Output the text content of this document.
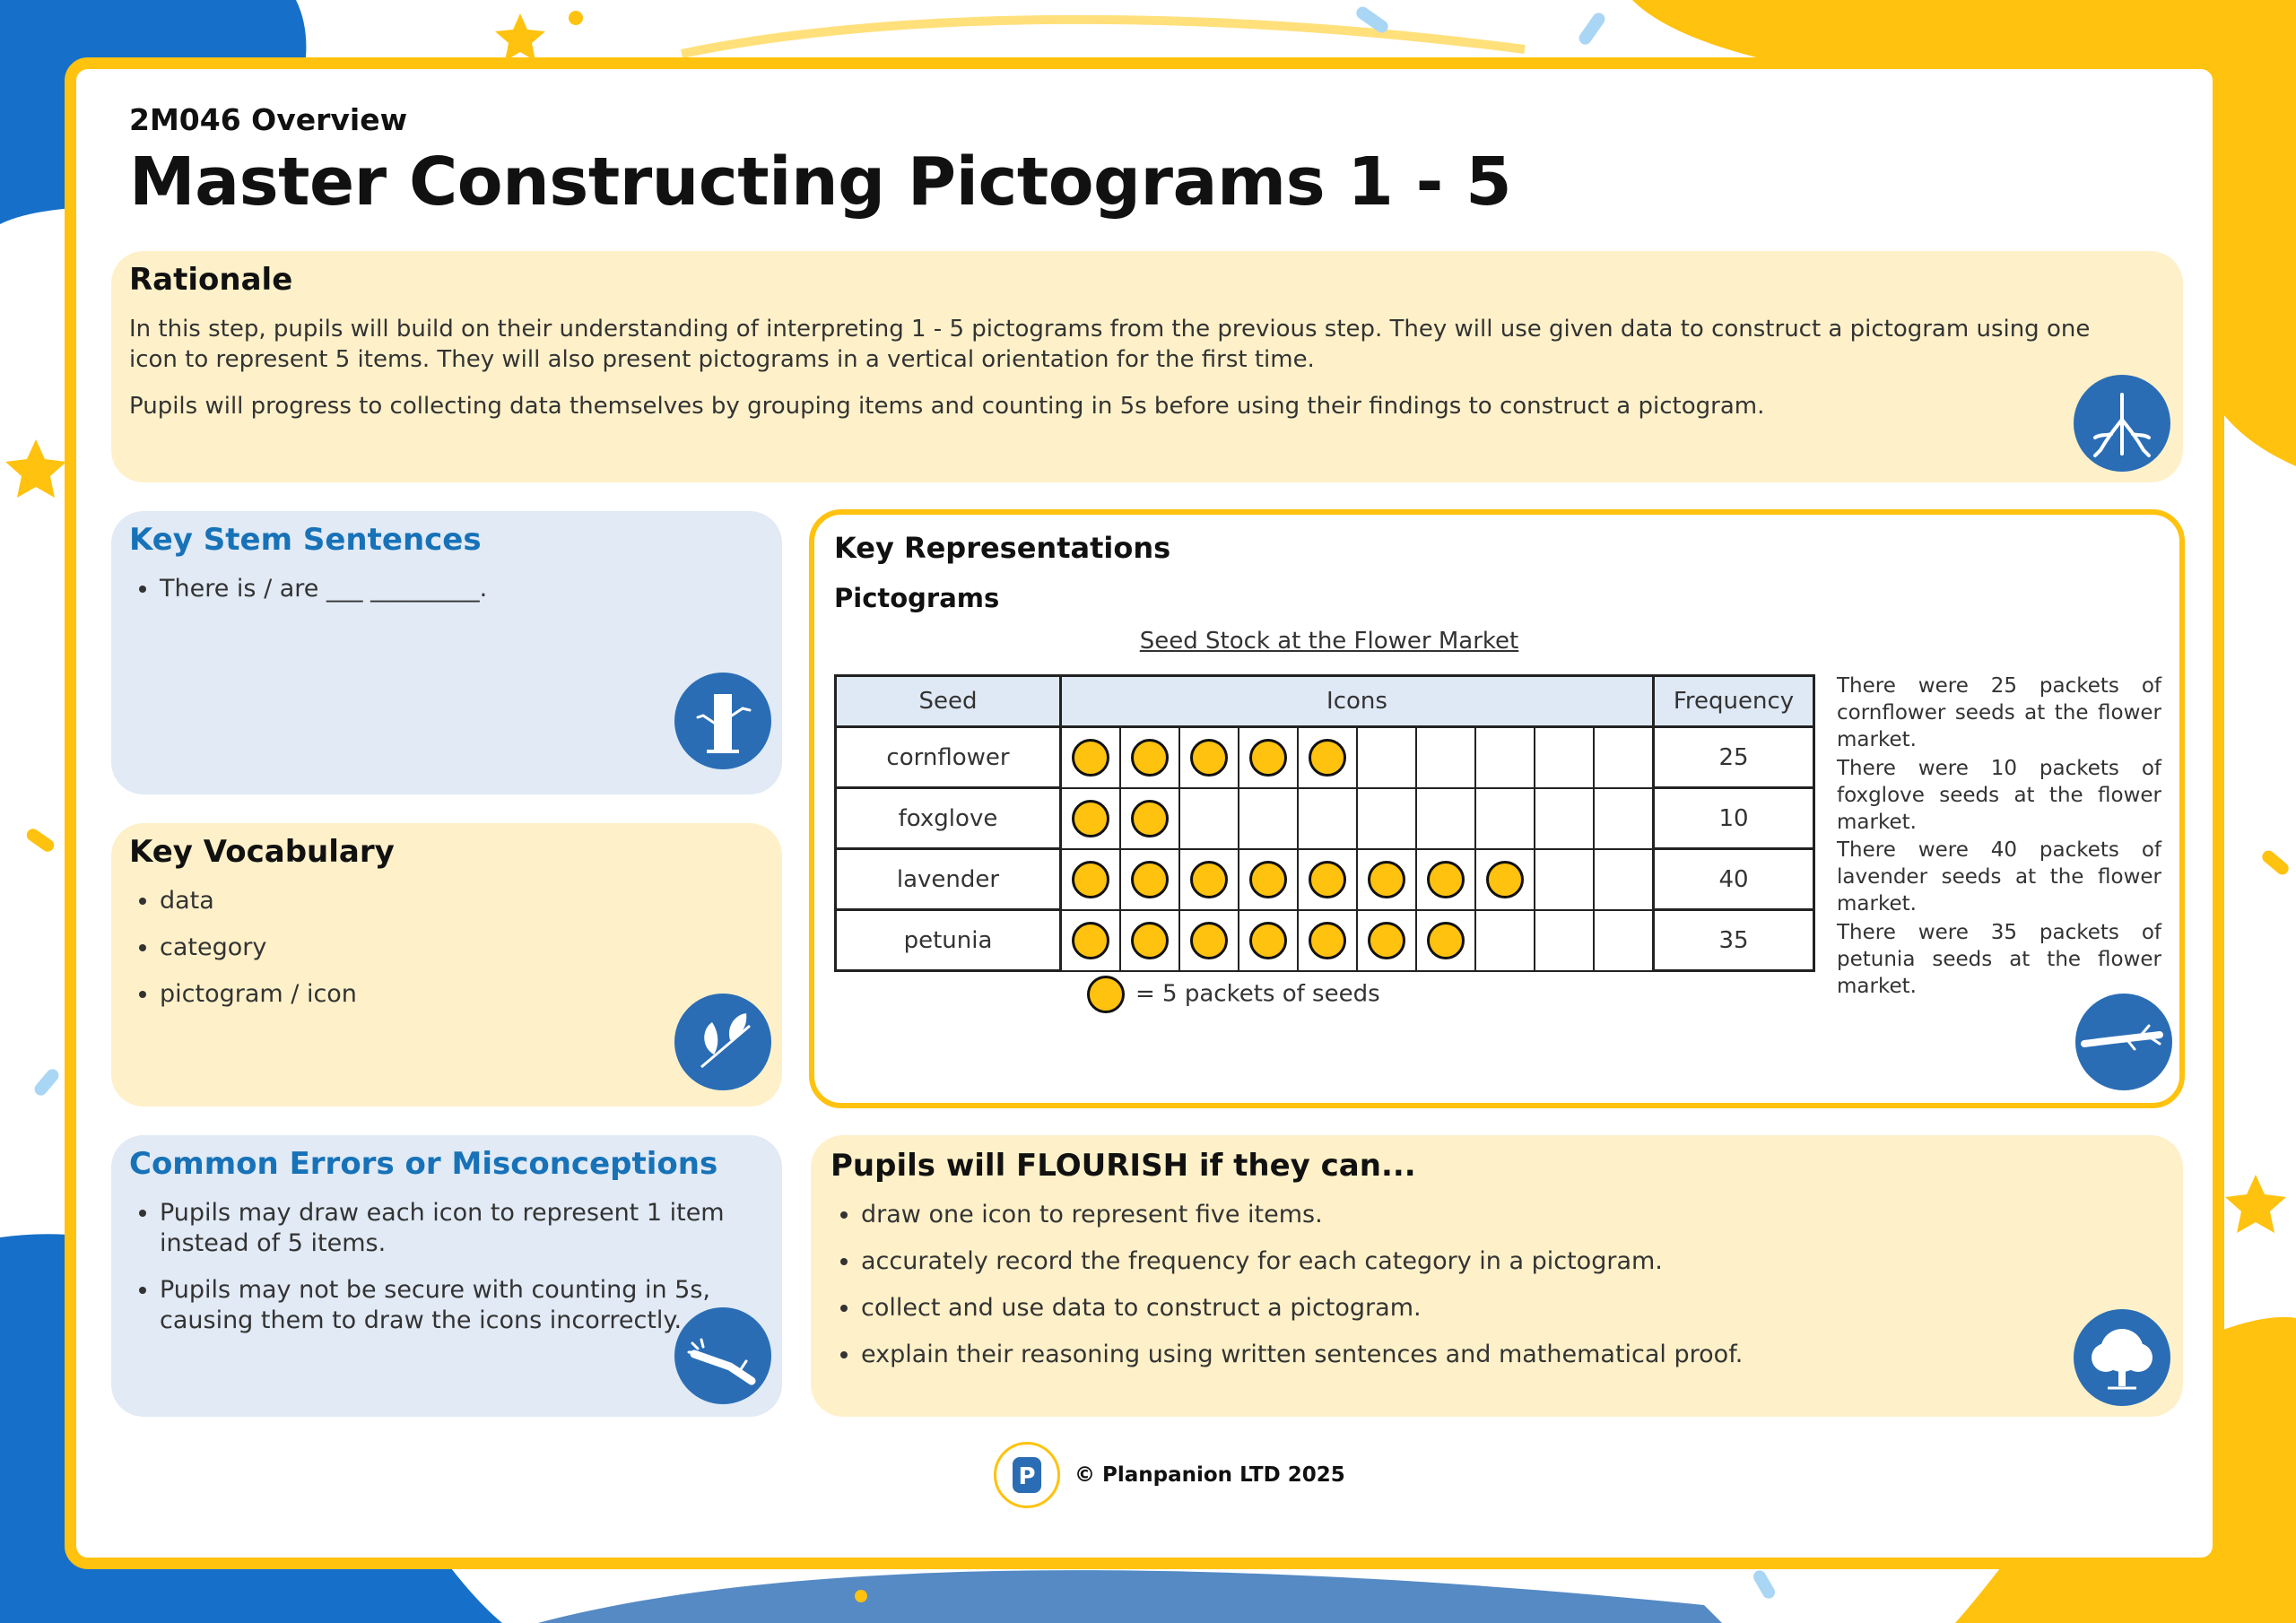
2M046 Overview
Master Constructing Pictograms 1 - 5
Rationale
In this step, pupils will build on their understanding of interpreting 1 - 5 pictograms from the previous step. They will use given data to construct a pictogram using one icon to represent 5 items. They will also present pictograms in a vertical orientation for the first time.
Pupils will progress to collecting data themselves by grouping items and counting in 5s before using their findings to construct a pictogram.
Key Stem Sentences
• There is / are ___ _________.
Key Vocabulary
• data
• category
• pictogram / icon
Common Errors or Misconceptions
• Pupils may draw each icon to represent 1 item instead of 5 items.
• Pupils may not be secure with counting in 5s, causing them to draw the icons incorrectly.
Key Representations
Pictograms
Seed Stock at the Flower Market
Seed	Icons										Frequency
cornflower											25
foxglove											10
lavender											40
petunia											35
= 5 packets of seeds
There were 25 packets of cornflower seeds at the flower market.
There were 10 packets of foxglove seeds at the flower market.
There were 40 packets of lavender seeds at the flower market.
There were 35 packets of petunia seeds at the flower market.
Pupils will FLOURISH if they can...
• draw one icon to represent five items.
• accurately record the frequency for each category in a pictogram.
• collect and use data to construct a pictogram.
• explain their reasoning using written sentences and mathematical proof.
P © Planpanion LTD 2025
